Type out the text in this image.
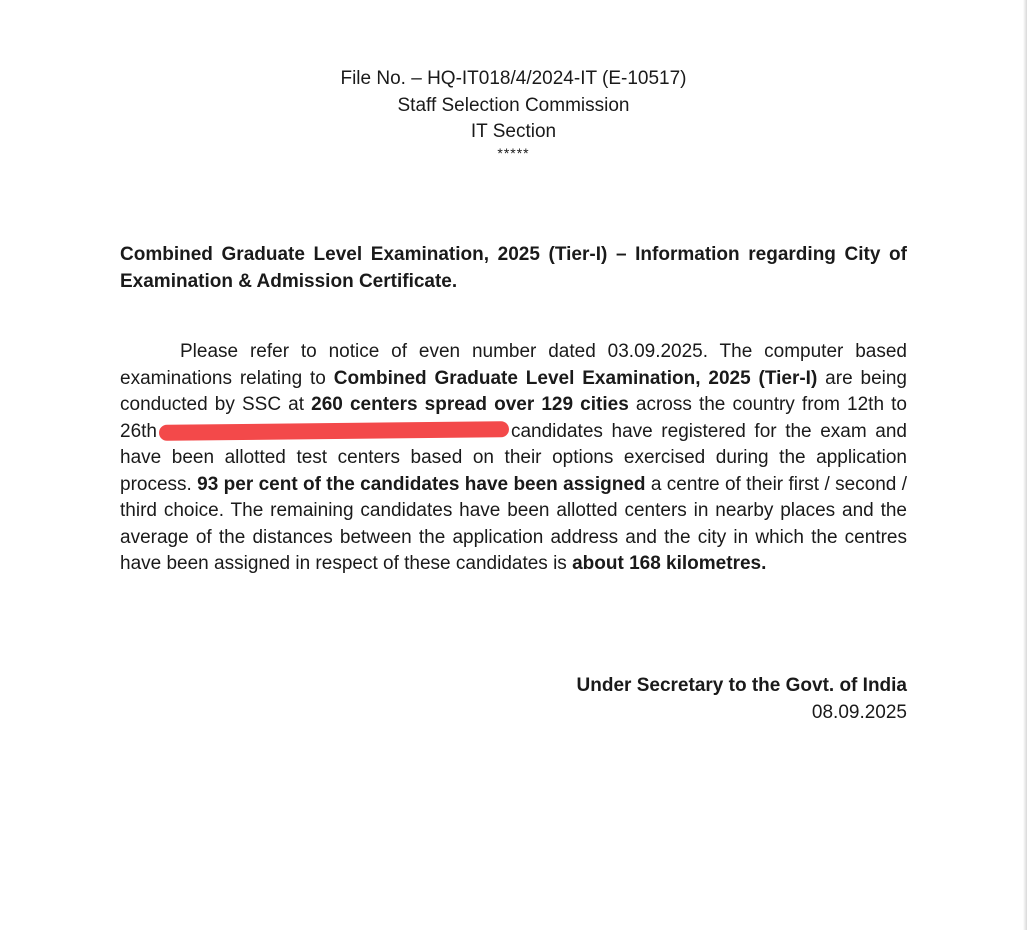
File No. – HQ-IT018/4/2024-IT (E-10517)
Staff Selection Commission
IT Section
*****
Combined Graduate Level Examination, 2025 (Tier-I) – Information regarding City of Examination & Admission Certificate.
Please refer to notice of even number dated 03.09.2025. The computer based examinations relating to Combined Graduate Level Examination, 2025 (Tier-I) are being conducted by SSC at 260 centers spread over 129 cities across the country from 12th to 26th	candidates have registered for the exam and have been allotted test centers based on their options exercised during the application process. 93 per cent of the candidates have been assigned a centre of their first / second / third choice. The remaining candidates have been allotted centers in nearby places and the average of the distances between the application address and the city in which the centres have been assigned in respect of these candidates is about 168 kilometres.
Under Secretary to the Govt. of India
08.09.2025
